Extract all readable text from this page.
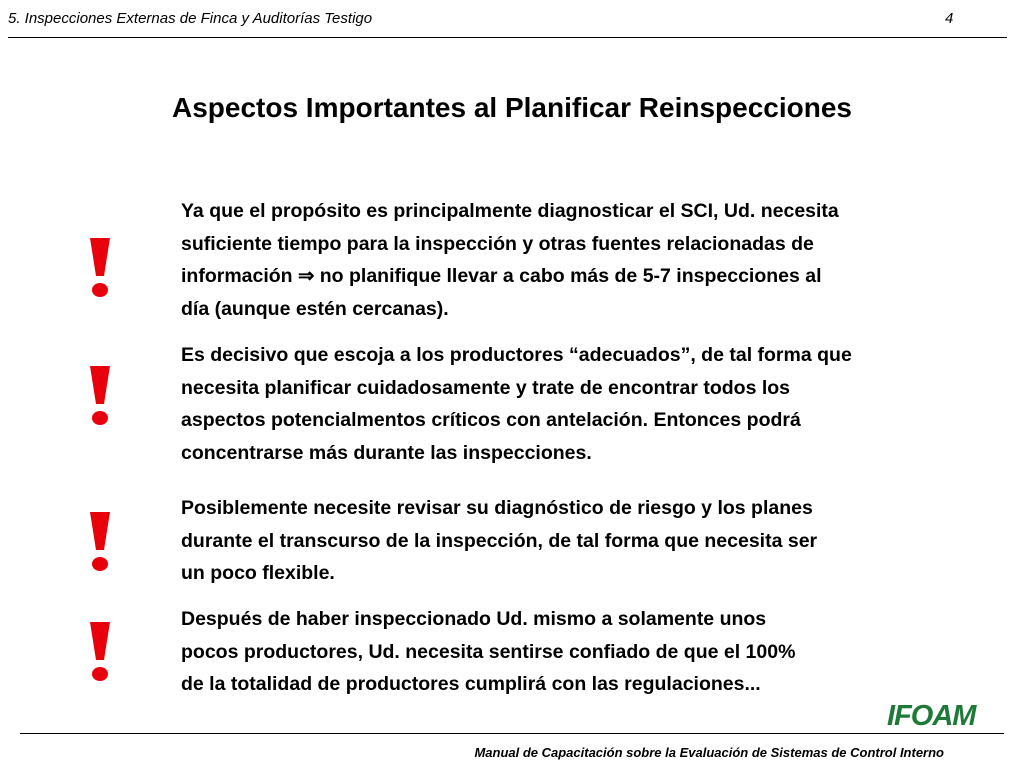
5. Inspecciones Externas de Finca y Auditorías Testigo	4
Aspectos Importantes al Planificar Reinspecciones
Ya que el propósito es principalmente diagnosticar el SCI, Ud. necesita
suficiente tiempo para la inspección y otras fuentes relacionadas de
información ⇒ no planifique llevar a cabo más de 5-7 inspecciones al
día (aunque estén cercanas).
Es decisivo que escoja a los productores “adecuados”, de tal forma que
necesita planificar cuidadosamente y trate de encontrar todos los
aspectos potencialmentos críticos con antelación. Entonces podrá
concentrarse más durante las inspecciones.
Posiblemente necesite revisar su diagnóstico de riesgo y los planes
durante el transcurso de la inspección, de tal forma que necesita ser
un poco flexible.
Después de haber inspeccionado Ud. mismo a solamente unos
pocos productores, Ud. necesita sentirse confiado de que el 100%
de la totalidad de productores cumplirá con las regulaciones...
IFOAM
Manual de Capacitación sobre la Evaluación de Sistemas de Control Interno
